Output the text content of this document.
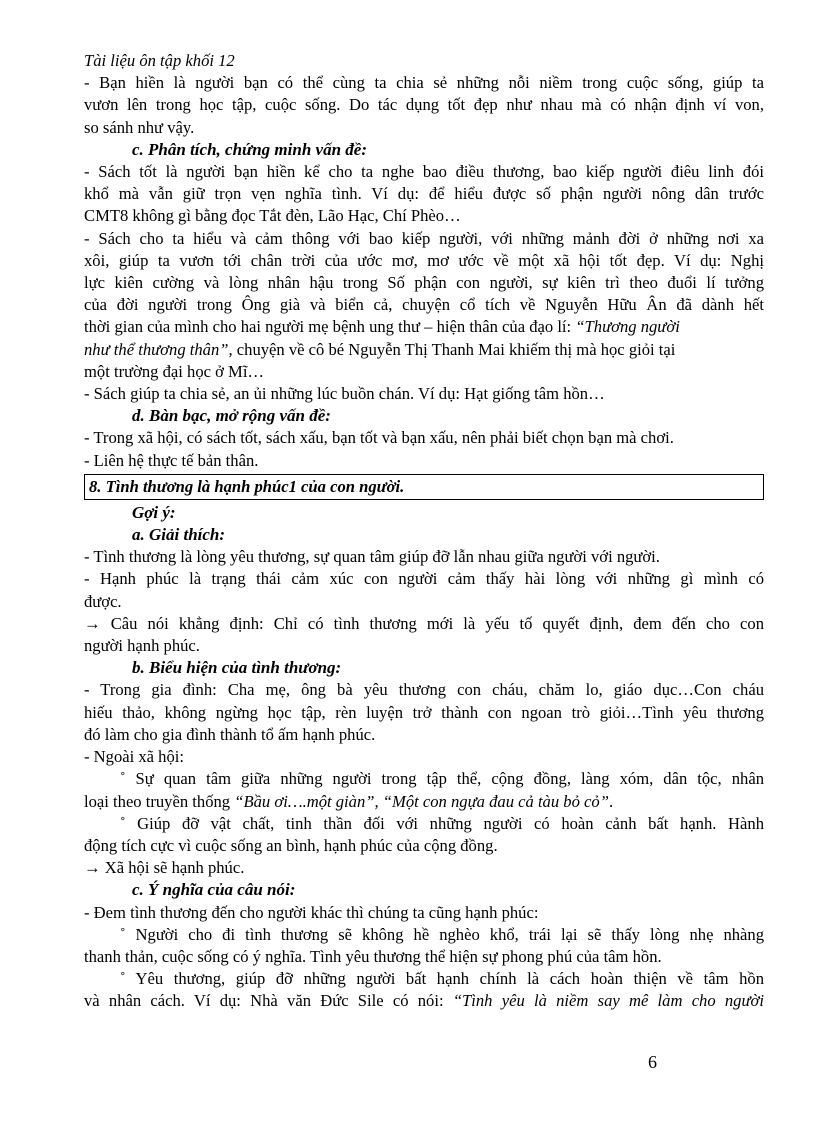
Tài liệu ôn tập khối 12
- Bạn hiền là người bạn có thể cùng ta chia sẻ những nỗi niềm trong cuộc sống, giúp ta
vươn lên trong học tập, cuộc sống. Do tác dụng tốt đẹp như nhau mà có nhận định ví von,
so sánh như vậy.
c. Phân tích, chứng minh vấn đề:
- Sách tốt là người bạn hiền kể cho ta nghe bao điều thương, bao kiếp người điêu linh đói
khổ mà vẫn giữ trọn vẹn nghĩa tình. Ví dụ: để hiểu được số phận người nông dân trước
CMT8 không gì bằng đọc Tắt đèn, Lão Hạc, Chí Phèo…
- Sách cho ta hiểu và cảm thông với bao kiếp người, với những mảnh đời ở những nơi xa
xôi, giúp ta vươn tới chân trời của ước mơ, mơ ước về một xã hội tốt đẹp. Ví dụ: Nghị
lực kiên cường và lòng nhân hậu trong Số phận con người, sự kiên trì theo đuổi lí tưởng
của đời người trong Ông già và biển cả, chuyện cổ tích về Nguyễn Hữu Ân đã dành hết
thời gian của mình cho hai người mẹ bệnh ung thư – hiện thân của đạo lí: “Thương người
như thể thương thân”, chuyện về cô bé Nguyễn Thị Thanh Mai khiếm thị mà học giỏi tại
một trường đại học ở Mĩ…
- Sách giúp ta chia sẻ, an ủi những lúc buồn chán. Ví dụ: Hạt giống tâm hồn…
d. Bàn bạc, mở rộng vấn đề:
- Trong xã hội, có sách tốt, sách xấu, bạn tốt và bạn xấu, nên phải biết chọn bạn mà chơi.
- Liên hệ thực tế bản thân.
8. Tình thương là hạnh phúc1 của con người.
Gợi ý:
a. Giải thích:
- Tình thương là lòng yêu thương, sự quan tâm giúp đỡ lẫn nhau giữa người với người.
- Hạnh phúc là trạng thái cảm xúc con người cảm thấy hài lòng với những gì mình có
được.
→ Câu nói khẳng định: Chỉ có tình thương mới là yếu tố quyết định, đem đến cho con
người hạnh phúc.
b. Biểu hiện của tình thương:
- Trong gia đình: Cha mẹ, ông bà yêu thương con cháu, chăm lo, giáo dục…Con cháu
hiếu thảo, không ngừng học tập, rèn luyện trở thành con ngoan trò giỏi…Tình yêu thương
đó làm cho gia đình thành tổ ấm hạnh phúc.
- Ngoài xã hội:
˚ Sự quan tâm giữa những người trong tập thể, cộng đồng, làng xóm, dân tộc, nhân
loại theo truyền thống “Bầu ơi….một giàn”, “Một con ngựa đau cả tàu bỏ cỏ”.
˚ Giúp đỡ vật chất, tinh thần đối với những người có hoàn cảnh bất hạnh. Hành
động tích cực vì cuộc sống an bình, hạnh phúc của cộng đồng.
→ Xã hội sẽ hạnh phúc.
c. Ý nghĩa của câu nói:
- Đem tình thương đến cho người khác thì chúng ta cũng hạnh phúc:
˚ Người cho đi tình thương sẽ không hề nghèo khổ, trái lại sẽ thấy lòng nhẹ nhàng
thanh thản, cuộc sống có ý nghĩa. Tình yêu thương thể hiện sự phong phú của tâm hồn.
˚ Yêu thương, giúp đỡ những người bất hạnh chính là cách hoàn thiện về tâm hồn
và nhân cách. Ví dụ: Nhà văn Đức Sile có nói: “Tình yêu là niềm say mê làm cho người
6
